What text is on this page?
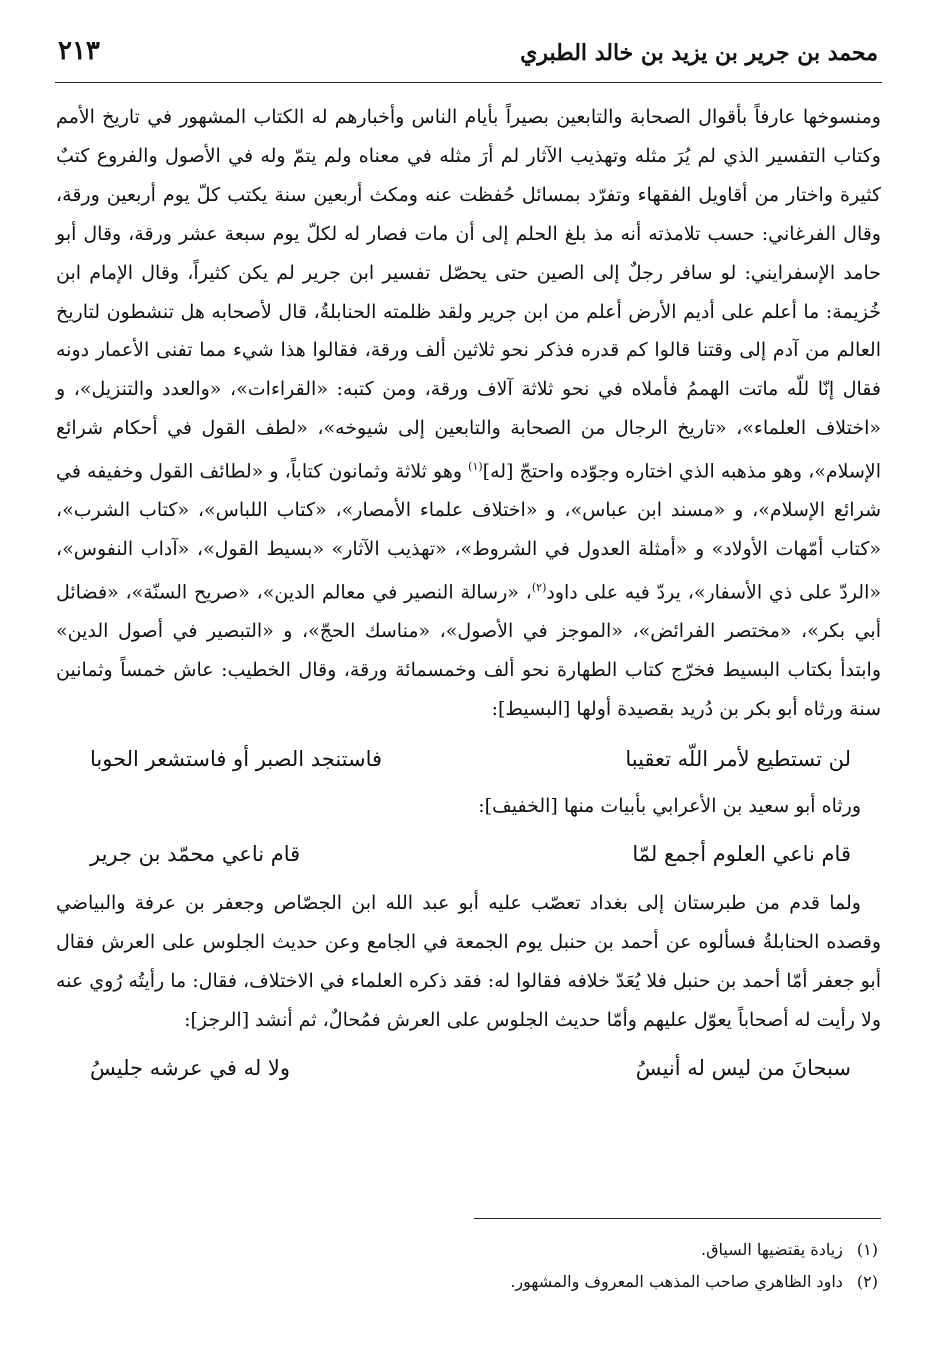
محمد بن جرير بن يزيد بن خالد الطبري
٢١٣

ومنسوخها عارفاً بأقوال الصحابة والتابعين بصيراً بأيام الناس وأخبارهم له الكتاب المشهور في تاريخ الأمم وكتاب التفسير الذي لم يُرَ مثله وتهذيب الآثار لم أرَ مثله في معناه ولم يتمّ وله في الأصول والفروع كتبٌ كثيرة واختار من أقاويل الفقهاء وتفرّد بمسائل حُفظت عنه ومكث أربعين سنة يكتب كلّ يوم أربعين ورقة، وقال الفرغاني: حسب تلامذته أنه مذ بلغ الحلم إلى أن مات فصار له لكلّ يوم سبعة عشر ورقة، وقال أبو حامد الإسفرايني: لو سافر رجلٌ إلى الصين حتى يحصّل تفسير ابن جرير لم يكن كثيراً، وقال الإمام ابن خُزيمة: ما أعلم على أديم الأرض أعلم من ابن جرير ولقد ظلمته الحنابلةُ، قال لأصحابه هل تنشطون لتاريخ العالم من آدم إلى وقتنا قالوا كم قدره فذكر نحو ثلاثين ألف ورقة، فقالوا هذا شيء مما تفنى الأعمار دونه فقال إنّا للّه ماتت الهممُ فأملاه في نحو ثلاثة آلاف ورقة، ومن كتبه: «القراءات»، «والعدد والتنزيل»، و «اختلاف العلماء»، «تاريخ الرجال من الصحابة والتابعين إلى شيوخه»، «لطف القول في أحكام شرائع الإسلام»، وهو مذهبه الذي اختاره وجوّده واحتجّ [له]$^{(١)}$ وهو ثلاثة وثمانون كتاباً، و «لطائف القول وخفيفه في شرائع الإسلام»، و «مسند ابن عباس»، و «اختلاف علماء الأمصار»، «كتاب اللباس»، «كتاب الشرب»، «كتاب أمّهات الأولاد» و «أمثلة العدول في الشروط»، «تهذيب الآثار» «بسيط القول»، «آداب النفوس»، «الردّ على ذي الأسفار»، يردّ فيه على داود$^{(٢)}$، «رسالة النصير في معالم الدين»، «صريح السنّة»، «فضائل أبي بكر»، «مختصر الفرائض»، «الموجز في الأصول»، «مناسك الحجّ»، و «التبصير في أصول الدين» وابتدأ بكتاب البسيط فخرّج كتاب الطهارة نحو ألف وخمسمائة ورقة، وقال الخطيب: عاش خمساً وثمانين سنة ورثاه أبو بكر بن دُريد بقصيدة أولها [البسيط]:

لن تستطيع لأمر اللّه تعقيبا
فاستنجد الصبر أو فاستشعر الحوبا

ورثاه أبو سعيد بن الأعرابي بأبيات منها [الخفيف]:

قام ناعي العلوم أجمع لمّا
قام ناعي محمّد بن جرير

ولما قدم من طبرستان إلى بغداد تعصّب عليه أبو عبد الله ابن الجصّاص وجعفر بن عرفة والبياضي وقصده الحنابلةُ فسألوه عن أحمد بن حنبل يوم الجمعة في الجامع وعن حديث الجلوس على العرش فقال أبو جعفر أمّا أحمد بن حنبل فلا يُعَدّ خلافه فقالوا له: فقد ذكره العلماء في الاختلاف، فقال: ما رأيتُه رُوي عنه ولا رأيت له أصحاباً يعوّل عليهم وأمّا حديث الجلوس على العرش فمُحالٌ، ثم أنشد [الرجز]:

سبحانَ من ليس له أنيسُ
ولا له في عرشه جليسُ
(١)
زيادة يقتضيها السياق.
(٢)
داود الظاهري صاحب المذهب المعروف والمشهور.
